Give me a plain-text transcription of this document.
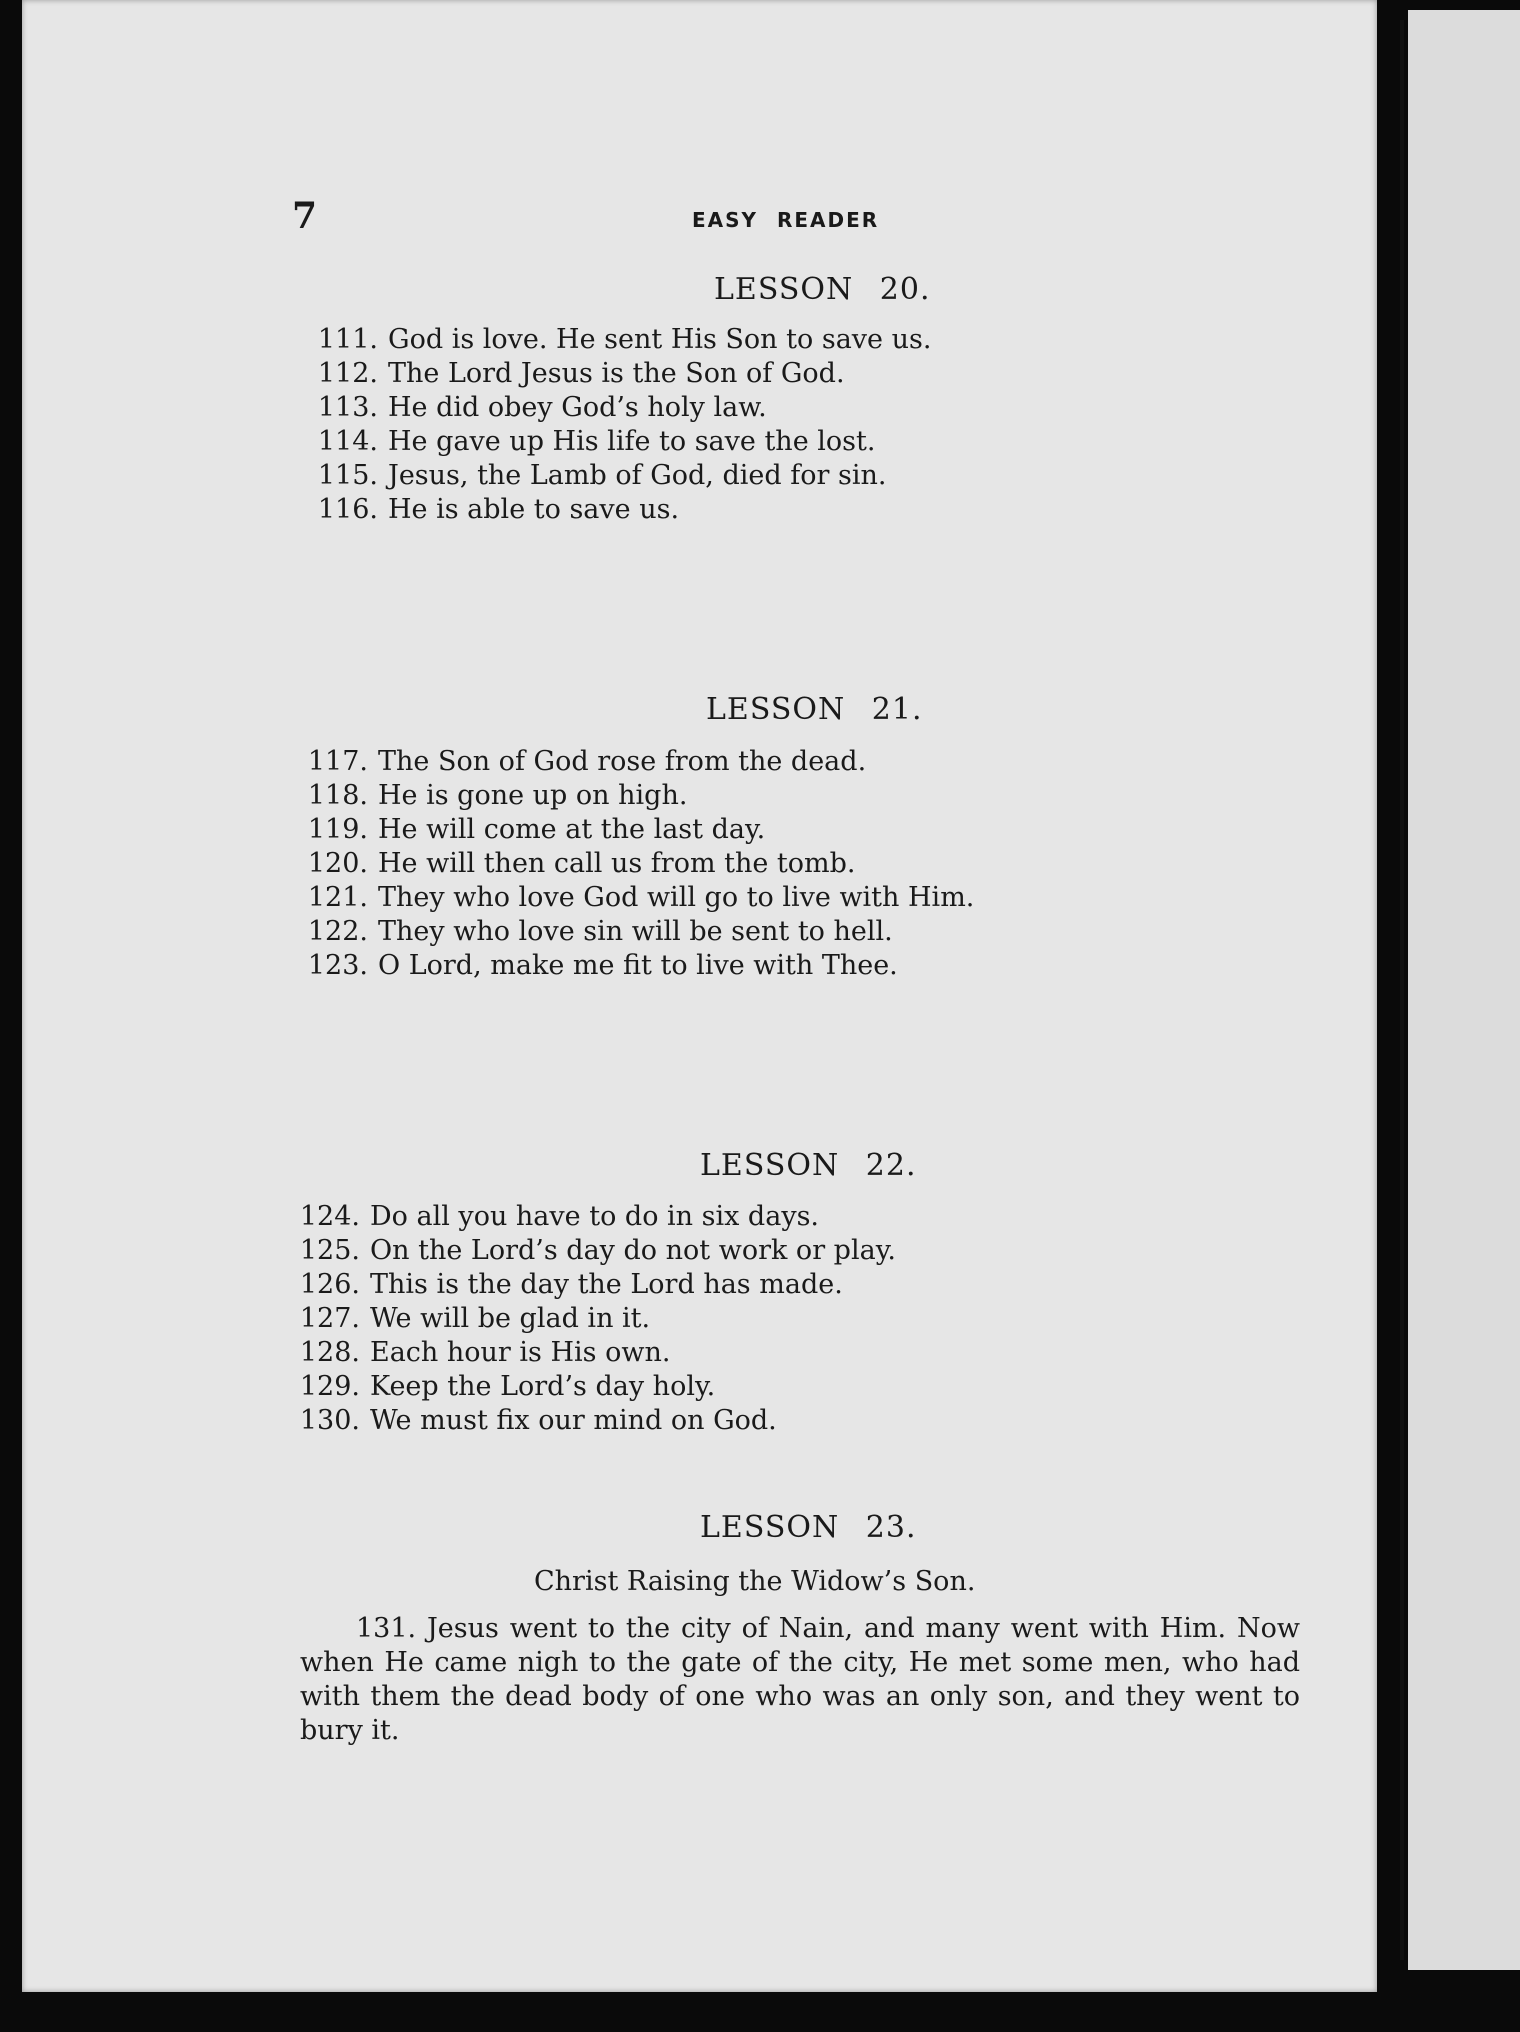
7	EASY READER
LESSON 20.
111. God is love. He sent His Son to save us.
112. The Lord Jesus is the Son of God.
113. He did obey God’s holy law.
114. He gave up His life to save the lost.
115. Jesus, the Lamb of God, died for sin.
116. He is able to save us.
LESSON 21.
117. The Son of God rose from the dead.
118. He is gone up on high.
119. He will come at the last day.
120. He will then call us from the tomb.
121. They who love God will go to live with Him.
122. They who love sin will be sent to hell.
123. O Lord, make me fit to live with Thee.
LESSON 22.
124. Do all you have to do in six days.
125. On the Lord’s day do not work or play.
126. This is the day the Lord has made.
127. We will be glad in it.
128. Each hour is His own.
129. Keep the Lord’s day holy.
130. We must fix our mind on God.
LESSON 23.
Christ Raising the Widow’s Son.

131. Jesus went to the city of Nain, and many went with Him. Now when He came nigh to the gate of the city, He met some men, who had with them the dead body of one who was an only son, and they went to bury it.
